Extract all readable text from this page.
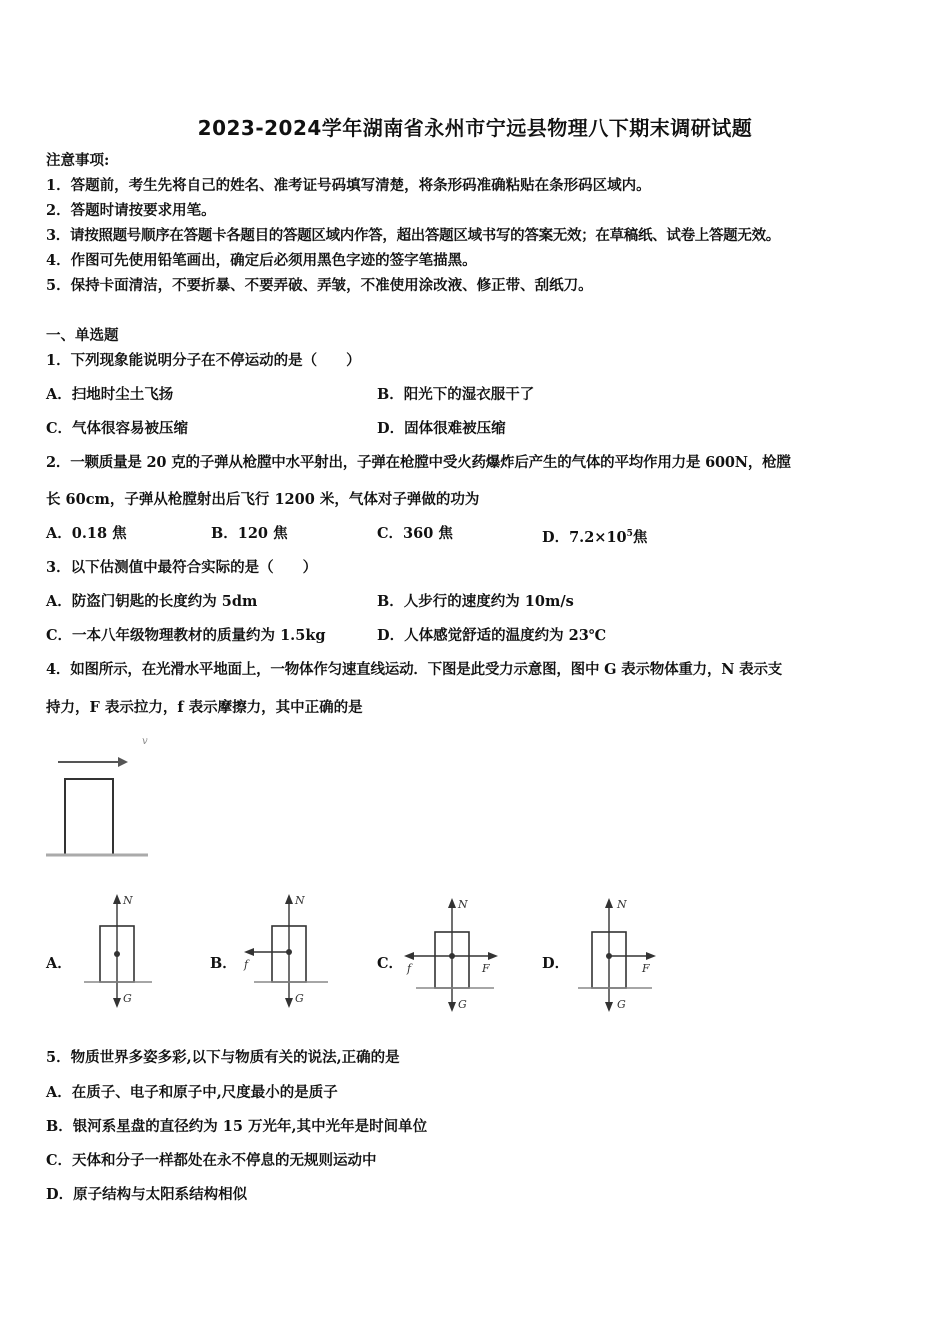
2023-2024学年湖南省永州市宁远县物理八下期末调研试题
注意事项:
1．答题前，考生先将自己的姓名、准考证号码填写清楚，将条形码准确粘贴在条形码区域内。
2．答题时请按要求用笔。
3．请按照题号顺序在答题卡各题目的答题区域内作答，超出答题区域书写的答案无效；在草稿纸、试卷上答题无效。
4．作图可先使用铅笔画出，确定后必须用黑色字迹的签字笔描黑。
5．保持卡面清洁，不要折暴、不要弄破、弄皱，不准使用涂改液、修正带、刮纸刀。
一、单选题
1．下列现象能说明分子在不停运动的是（　　）
A．扫地时尘土飞扬	B．阳光下的湿衣服干了
C．气体很容易被压缩	D．固体很难被压缩
2．一颗质量是 20 克的子弹从枪膛中水平射出，子弹在枪膛中受火药爆炸后产生的气体的平均作用力是 600N，枪膛
长 60cm，子弹从枪膛射出后飞行 1200 米，气体对子弹做的功为
A．0.18 焦	B．120 焦	C．360 焦	D．$7.2\times 10^5$焦
3．以下估测值中最符合实际的是（　　）
A．防盗门钥匙的长度约为 5dm	B．人步行的速度约为 10m/s
C．一本八年级物理教材的质量约为 1.5kg	D．人体感觉舒适的温度约为 23℃
4．如图所示，在光滑水平地面上，一物体作匀速直线运动．下图是此受力示意图，图中 G 表示物体重力，N 表示支
持力，F 表示拉力，f 表示摩擦力，其中正确的是
v
A．
N
G
B．
N
G
f	C．
N
G
f	F	D．
N
G
F
5．物质世界多姿多彩,以下与物质有关的说法,正确的是
A．在质子、电子和原子中,尺度最小的是质子
B．银河系星盘的直径约为 15 万光年,其中光年是时间单位
C．天体和分子一样都处在永不停息的无规则运动中
D．原子结构与太阳系结构相似
